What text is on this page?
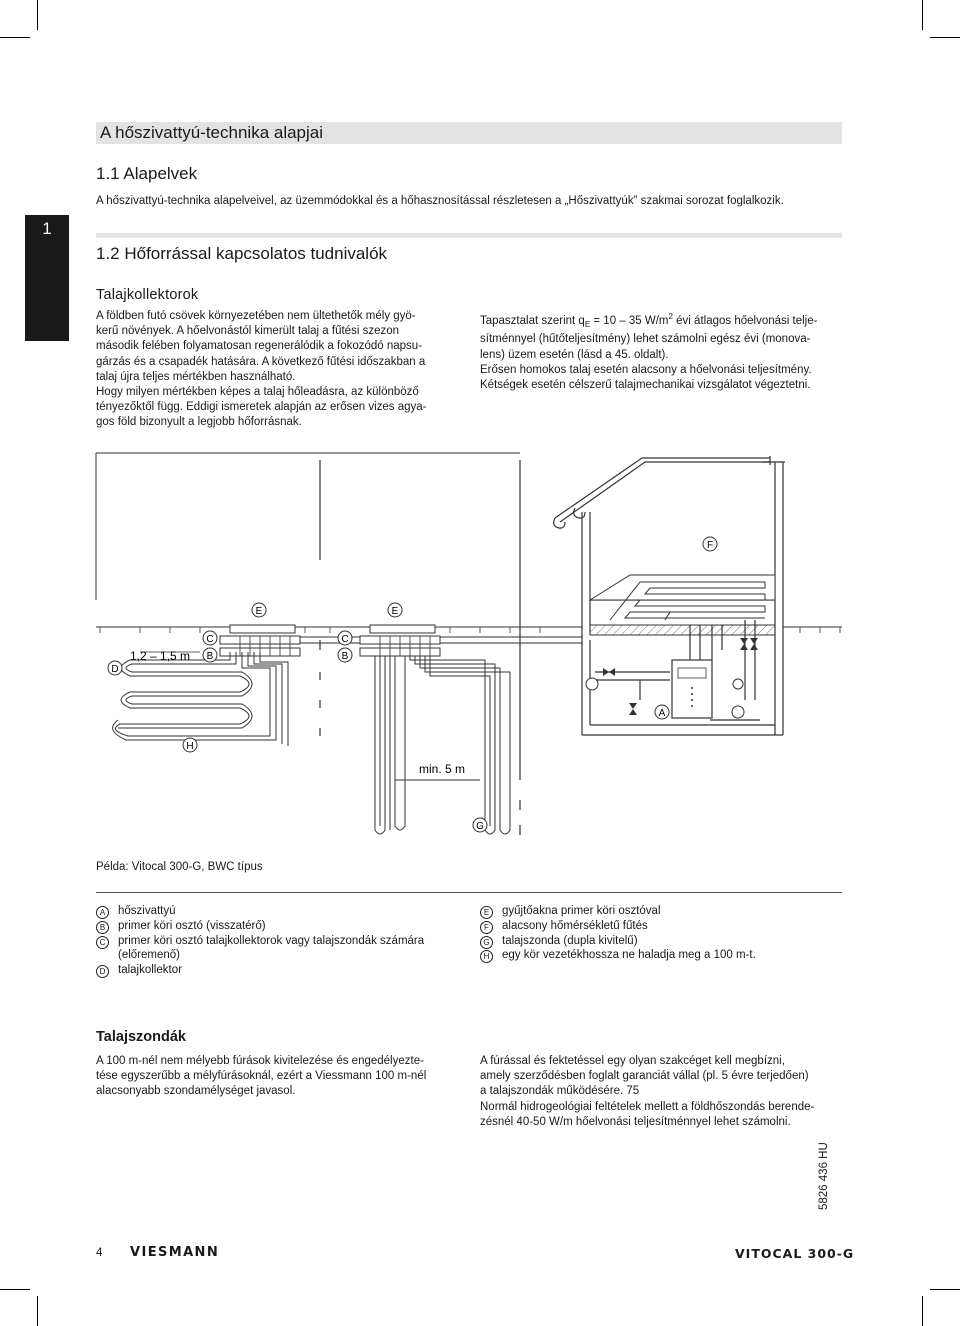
A hőszivattyú-technika alapjai
1
1.1 Alapelvek
A hőszivattyú-technika alapelveivel, az üzemmódokkal és a hőhasznosítással részletesen a „Hőszivattyúk” szakmai sorozat foglalkozik.
1.2 Hőforrással kapcsolatos tudnivalók
Talajkollektorok
A földben futó csövek környezetében nem ültethetők mély gyö-
kerű növények. A hőelvonástól kimerült talaj a fűtési szezon
második felében folyamatosan regenerálódik a fokozódó napsu-
gárzás és a csapadék hatására. A következő fűtési időszakban a
talaj újra teljes mértékben használható.
Hogy milyen mértékben képes a talaj hőleadásra, az különböző
tényezőktől függ. Eddigi ismeretek alapján az erősen vizes agya-
gos föld bizonyult a legjobb hőforrásnak.
Tapasztalat szerint $q_E = 10 - 35$ $W/m^2$ évi átlagos hőelvonási telje-
sítménnyel (hűtőteljesítmény) lehet számolni egész évi (monova-
lens) üzem esetén (lásd a 45. oldalt).
Erősen homokos talaj esetén alacsony a hőelvonási teljesítmény.
Kétségek esetén célszerű talajmechanikai vizsgálatot végeztetni.
A
F
min. 5 m
1,2 – 1,5 m
E	E
C
B
C
B
D
H
G
Példa: Vitocal 300-G, BWC típus
A	hőszivattyú
B	primer köri osztó (visszatérő)
C	primer köri osztó talajkollektorok vagy talajszondák számára
(előremenő)
D	talajkollektor
E	gyűjtőakna primer köri osztóval
F	alacsony hőmérsékletű fűtés
G talajszonda (dupla kivitelű)
H	egy kör vezetékhossza ne haladja meg a 100 m-t.
Talajszondák
A 100 m-nél nem mélyebb fúrások kivitelezése és engedélyezte-
tése egyszerűbb a mélyfúrásoknál, ezért a Viessmann 100 m-nél
alacsonyabb szondamélységet javasol.
A fúrással és fektetéssel egy olyan szakcéget kell megbízni,
amely szerződésben foglalt garanciát vállal (pl. 5 évre terjedően)
a talajszondák működésére. 75
Normál hidrogeológiai feltételek mellett a földhőszondás berende-
zésnél 40-50 W/m hőelvonási teljesítménnyel lehet számolni.
5826 436 HU
4 VIESMANN	VITOCAL 300-G
